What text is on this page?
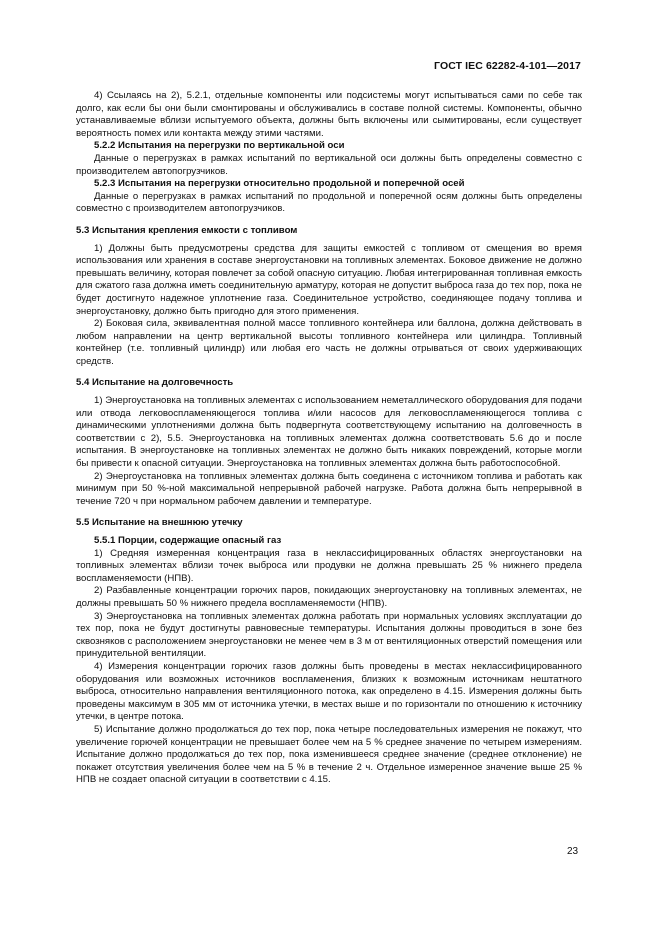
ГОСТ IEC 62282-4-101—2017

4) Ссылаясь на 2), 5.2.1, отдельные компоненты или подсистемы могут испытываться сами по себе так долго, как если бы они были смонтированы и обслуживались в составе полной системы. Компоненты, обычно устанавливаемые вблизи испытуемого объекта, должны быть включены или сымитированы, если существует вероятность помех или контакта между этими частями.

5.2.2 Испытания на перегрузки по вертикальной оси

Данные о перегрузках в рамках испытаний по вертикальной оси должны быть определены совместно с производителем автопогрузчиков.

5.2.3 Испытания на перегрузки относительно продольной и поперечной осей

Данные о перегрузках в рамках испытаний по продольной и поперечной осям должны быть определены совместно с производителем автопогрузчиков.

5.3 Испытания крепления емкости с топливом

1) Должны быть предусмотрены средства для защиты емкостей с топливом от смещения во время использования или хранения в составе энергоустановки на топливных элементах. Боковое движение не должно превышать величину, которая повлечет за собой опасную ситуацию. Любая интегрированная топливная емкость для сжатого газа должна иметь соединительную арматуру, которая не допустит выброса газа до тех пор, пока не будет достигнуто надежное уплотнение газа. Соединительное устройство, соединяющее подачу топлива и энергоустановку, должно быть пригодно для этого применения.

2) Боковая сила, эквивалентная полной массе топливного контейнера или баллона, должна действовать в любом направлении на центр вертикальной высоты топливного контейнера или цилиндра. Топливный контейнер (т.е. топливный цилиндр) или любая его часть не должны отрываться от своих удерживающих средств.

5.4 Испытание на долговечность

1) Энергоустановка на топливных элементах с использованием неметаллического оборудования для подачи или отвода легковоспламеняющегося топлива и/или насосов для легковоспламеняющегося топлива с динамическими уплотнениями должна быть подвергнута соответствующему испытанию на долговечность в соответствии с 2), 5.5. Энергоустановка на топливных элементах должна соответствовать 5.6 до и после испытания. В энергоустановке на топливных элементах не должно быть никаких повреждений, которые могли бы привести к опасной ситуации. Энергоустановка на топливных элементах должна быть работоспособной.

2) Энергоустановка на топливных элементах должна быть соединена с источником топлива и работать как минимум при 50 %-ной максимальной непрерывной рабочей нагрузке. Работа должна быть непрерывной в течение 720 ч при нормальном рабочем давлении и температуре.

5.5 Испытание на внешнюю утечку

5.5.1 Порции, содержащие опасный газ

1) Средняя измеренная концентрация газа в неклассифицированных областях энергоустановки на топливных элементах вблизи точек выброса или продувки не должна превышать 25 % нижнего предела воспламеняемости (НПВ).

2) Разбавленные концентрации горючих паров, покидающих энергоустановку на топливных элементах, не должны превышать 50 % нижнего предела воспламеняемости (НПВ).

3) Энергоустановка на топливных элементах должна работать при нормальных условиях эксплуатации до тех пор, пока не будут достигнуты равновесные температуры. Испытания должны проводиться в зоне без сквозняков с расположением энергоустановки не менее чем в 3 м от вентиляционных отверстий помещения или принудительной вентиляции.

4) Измерения концентрации горючих газов должны быть проведены в местах неклассифицированного оборудования или возможных источников воспламенения, близких к возможным источникам нештатного выброса, относительно направления вентиляционного потока, как определено в 4.15. Измерения должны быть проведены максимум в 305 мм от источника утечки, в местах выше и по горизонтали по отношению к источнику утечки, в центре потока.

5) Испытание должно продолжаться до тех пор, пока четыре последовательных измерения не покажут, что увеличение горючей концентрации не превышает более чем на 5 % среднее значение по четырем измерениям. Испытание должно продолжаться до тех пор, пока изменившееся среднее значение (среднее отклонение) не покажет отсутствия увеличения более чем на 5 % в течение 2 ч. Отдельное измеренное значение выше 25 % НПВ не создает опасной ситуации в соответствии с 4.15.

23
